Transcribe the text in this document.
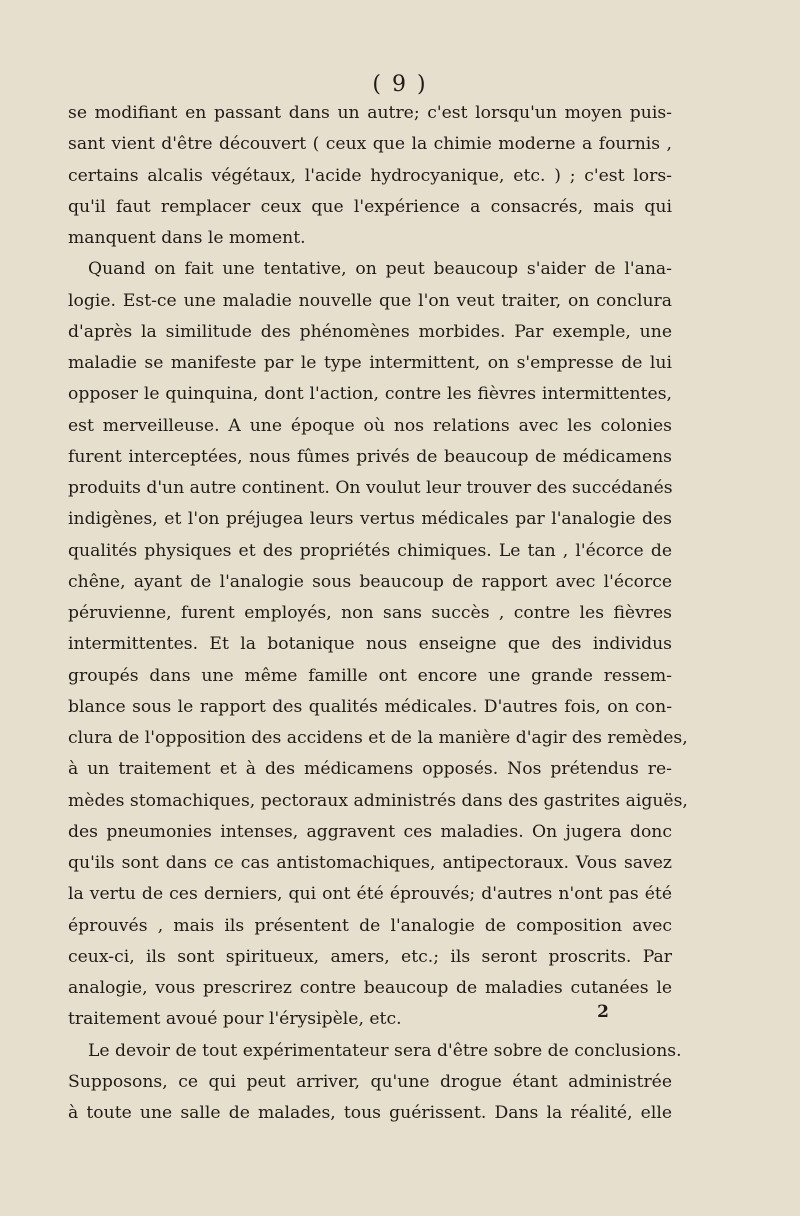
( 9 )
se modifiant en passant dans un autre; c'est lorsqu'un moyen puis-
sant vient d'être découvert ( ceux que la chimie moderne a fournis ,
certains alcalis végétaux, l'acide hydrocyanique, etc. ) ; c'est lors-
qu'il faut remplacer ceux que l'expérience a consacrés, mais qui
manquent dans le moment.
Quand on fait une tentative, on peut beaucoup s'aider de l'ana-
logie. Est-ce une maladie nouvelle que l'on veut traiter, on conclura
d'après la similitude des phénomènes morbides. Par exemple, une
maladie se manifeste par le type intermittent, on s'empresse de lui
opposer le quinquina, dont l'action, contre les fièvres intermittentes,
est merveilleuse. A une époque où nos relations avec les colonies
furent interceptées, nous fûmes privés de beaucoup de médicamens
produits d'un autre continent. On voulut leur trouver des succédanés
indigènes, et l'on préjugea leurs vertus médicales par l'analogie des
qualités physiques et des propriétés chimiques. Le tan , l'écorce de
chêne, ayant de l'analogie sous beaucoup de rapport avec l'écorce
péruvienne, furent employés, non sans succès , contre les fièvres
intermittentes. Et la botanique nous enseigne que des individus
groupés dans une même famille ont encore une grande ressem-
blance sous le rapport des qualités médicales. D'autres fois, on con-
clura de l'opposition des accidens et de la manière d'agir des remèdes,
à un traitement et à des médicamens opposés. Nos prétendus re-
mèdes stomachiques, pectoraux administrés dans des gastrites aiguës,
des pneumonies intenses, aggravent ces maladies. On jugera donc
qu'ils sont dans ce cas antistomachiques, antipectoraux. Vous savez
la vertu de ces derniers, qui ont été éprouvés; d'autres n'ont pas été
éprouvés , mais ils présentent de l'analogie de composition avec
ceux-ci, ils sont spiritueux, amers, etc.; ils seront proscrits. Par
analogie, vous prescrirez contre beaucoup de maladies cutanées le
traitement avoué pour l'érysipèle, etc.
Le devoir de tout expérimentateur sera d'être sobre de conclusions.
Supposons, ce qui peut arriver, qu'une drogue étant administrée
à toute une salle de malades, tous guérissent. Dans la réalité, elle
2
